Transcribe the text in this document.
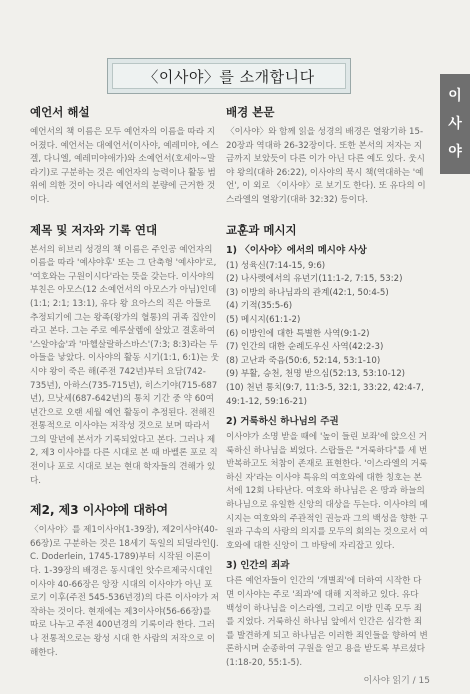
〈이사야〉를 소개합니다
이
사
야
예언서 해설

예언서의 책 이름은 모두 예언자의 이름을 따라 지어졌다. 예언서는 대예언서(이사야, 예레미야, 에스겔, 다니엘, 예레미야애가)와 소예언서(호세아~말라기)로 구분하는 것은 예언자의 능력이나 활동 범위에 의한 것이 아니라 예언서의 분량에 근거한 것이다.

제목 및 저자와 기록 연대

본서의 히브리 성경의 책 이름은 주인공 예언자의 이름을 따라 '예샤야후' 또는 그 단축형 '예샤야'로, '여호와는 구원이시다'라는 뜻을 갖는다. 이사야의 부친은 아모스(12 소예언서의 아모스가 아님)인데(1:1; 2:1; 13:1), 유다 왕 요아스의 직은 아들로 추정되기에 그는 왕족(왕가의 혈통)의 귀족 집안이라고 본다. 그는 주로 예루살렘에 살았고 결혼하여 '스알야숩'과 '마헬살랄하스바스'(7:3; 8:3)라는 두 아들을 낳았다. 이사야의 활동 시기(1:1, 6:1)는 웃시야 왕이 죽은 해(주전 742년)부터 요담(742-735년), 아하스(735-715년), 히스기야(715-687년), 므낫세(687-642년)의 통치 기간 중 약 60여 년간으로 오랜 세월 예언 활동이 추정된다. 전해진 전통적으로 이사야는 저작성 것으로 보며 따라서 그의 말년에 본서가 기록되었다고 본다. 그러나 제2, 제3 이사야를 다른 시대로 본 때 바벨론 포로 직전이나 포로 시대로 보는 현대 학자들의 견해가 있다.

제2, 제3 이사야에 대하여

〈이사야〉를 제1이사야(1-39장), 제2이사야(40-66장)로 구분하는 것은 18세기 독일의 되덜라인(J. C. Doderlein, 1745-1789)부터 시작된 이론이다. 1-39장의 배경은 동시대인 앗수르제국시대인 이사야 40-66장은 앙장 시대의 이사야가 아닌 포로기 이후(주전 545-536년경)의 다른 이사야가 저작하는 것이다. 현재에는 제3이사야(56-66장)를 따로 나누고 주전 400년경의 기록이라 한다. 그러나 전통적으로는 왕성 시대 한 사람의 저작으로 이해한다.

배경 본문

〈이사야〉와 함께 읽을 성경의 배경은 열왕기하 15-20장과 역대하 26-32장이다. 또한 본서의 저자는 지금까지 보았듯이 다른 이가 아닌 다른 예도 있다. 웃시야 왕의(대하 26:22), 이사야의 묵시 책(역대하는 '예언', 이 외로 〈이사야〉로 보기도 한다). 또 유다의 이스라엘의 열왕기(대하 32:32) 등이다.

교훈과 메시지
1) 〈이사야〉에서의 메시야 사상
(1) 성육신(7:14-15, 9:6)
(2) 나사렛에서의 유년기(11:1-2, 7:15, 53:2)
(3) 이방의 하나님과의 관계(42:1, 50:4-5)
(4) 기적(35:5-6)
(5) 메시지(61:1-2)
(6) 이방인에 대한 특별한 사역(9:1-2)
(7) 인간의 대한 순례도우신 사역(42:2-3)
(8) 고난과 죽음(50:6, 52:14, 53:1-10)
(9) 부활, 승천, 천명 받으심(52:13, 53:10-12)
(10) 천년 통치(9:7, 11:3-5, 32:1, 33:22, 42:4-7, 49:1-12, 59:16-21)
2) 거룩하신 하나님의 주권

이사야가 소명 받을 때에 '높이 들린 보좌'에 앉으신 거룩하신 하나님을 뵈었다. 스랍들은 "거룩하다"를 세 번 반복하고도 처참이 존재로 표현한다. '이스라엘의 거룩하신 자'라는 이사야 특유의 여호와에 대한 칭호는 본서에 12회 나타난다. 여호와 하나님은 온 땅과 하늘의 하나님으로 유일한 신앙의 대상을 두는다. 이사야의 메시지는 여호와의 주관적인 권능과 그의 백성을 향한 구원과 구속의 사랑의 의지를 모두의 회의는 것으로서 여호와에 대한 신앙이 그 바탕에 자리잡고 있다.

3) 인간의 죄과

다른 예언자들이 인간의 '개별죄'에 더하여 시작한 다면 이사야는 주로 '죄과'에 대해 지적하고 있다. 유다 백성이 하나님을 이스라엘, 그리고 이방 민족 모두 죄를 지었다. 거룩하신 하나님 앞에서 인간은 심각한 죄를 발견하게 되고 하나님은 이러한 죄인들을 향하여 변론하시며 순종하여 구원을 얻고 용을 받도록 부르셨다(1:18-20, 55:1-5).

이사야 읽기 / 15
